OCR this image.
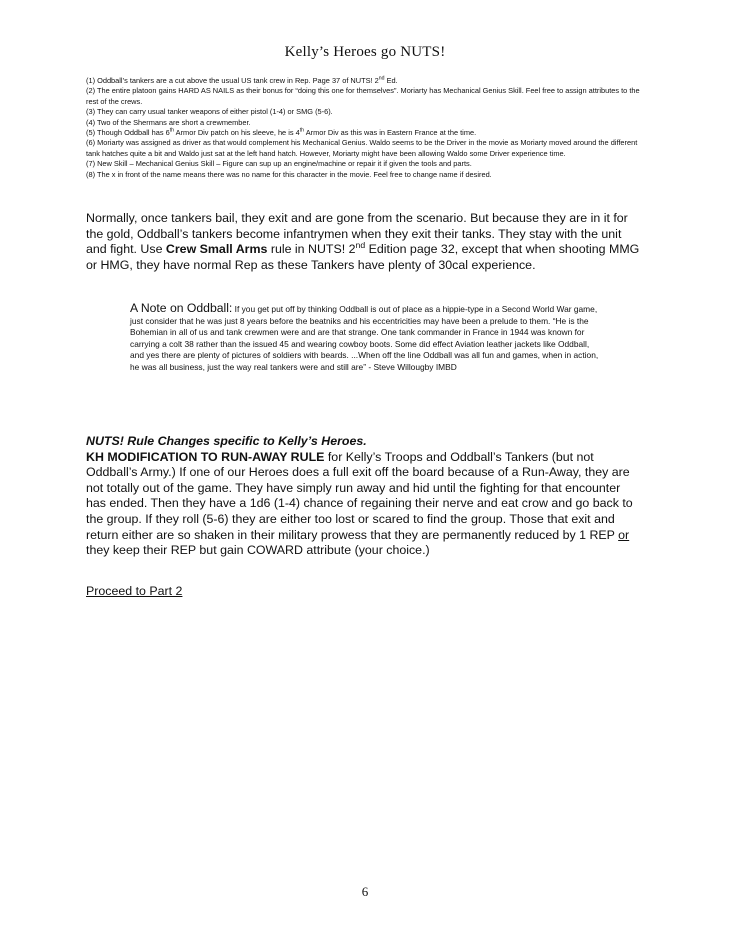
Kelly’s Heroes go NUTS!

(1) Oddball’s tankers are a cut above the usual US tank crew in Rep. Page 37 of NUTS! 2nd Ed.

(2) The entire platoon gains HARD AS NAILS as their bonus for “doing this one for themselves”. Moriarty has Mechanical Genius Skill. Feel free to assign attributes to the rest of the crews.

(3) They can carry usual tanker weapons of either pistol (1-4) or SMG (5-6).

(4) Two of the Shermans are short a crewmember.

(5) Though Oddball has 6th Armor Div patch on his sleeve, he is 4th Armor Div as this was in Eastern France at the time.

(6) Moriarty was assigned as driver as that would complement his Mechanical Genius. Waldo seems to be the Driver in the movie as Moriarty moved around the different tank hatches quite a bit and Waldo just sat at the left hand hatch. However, Moriarty might have been allowing Waldo some Driver experience time.

(7) New Skill – Mechanical Genius Skill – Figure can sup up an engine/machine or repair it if given the tools and parts.

(8) The x in front of the name means there was no name for this character in the movie. Feel free to change name if desired.

Normally, once tankers bail, they exit and are gone from the scenario. But because they are in it for the gold, Oddball’s tankers become infantrymen when they exit their tanks. They stay with the unit and fight. Use Crew Small Arms rule in NUTS! 2nd Edition page 32, except that when shooting MMG or HMG, they have normal Rep as these Tankers have plenty of 30cal experience.

A Note on Oddball: If you get put off by thinking Oddball is out of place as a hippie-type in a Second World War game, just consider that he was just 8 years before the beatniks and his eccentricities may have been a prelude to them. “He is the Bohemian in all of us and tank crewmen were and are that strange. One tank commander in France in 1944 was known for carrying a colt 38 rather than the issued 45 and wearing cowboy boots. Some did effect Aviation leather jackets like Oddball, and yes there are plenty of pictures of soldiers with beards. ...When off the line Oddball was all fun and games, when in action, he was all business, just the way real tankers were and still are” - Steve Willougby IMBD

NUTS! Rule Changes specific to Kelly’s Heroes.

KH MODIFICATION TO RUN-AWAY RULE for Kelly’s Troops and Oddball’s Tankers (but not Oddball’s Army.) If one of our Heroes does a full exit off the board because of a Run-Away, they are not totally out of the game. They have simply run away and hid until the fighting for that encounter has ended. Then they have a 1d6 (1-4) chance of regaining their nerve and eat crow and go back to the group. If they roll (5-6) they are either too lost or scared to find the group. Those that exit and return either are so shaken in their military prowess that they are permanently reduced by 1 REP or they keep their REP but gain COWARD attribute (your choice.)

Proceed to Part 2
6
